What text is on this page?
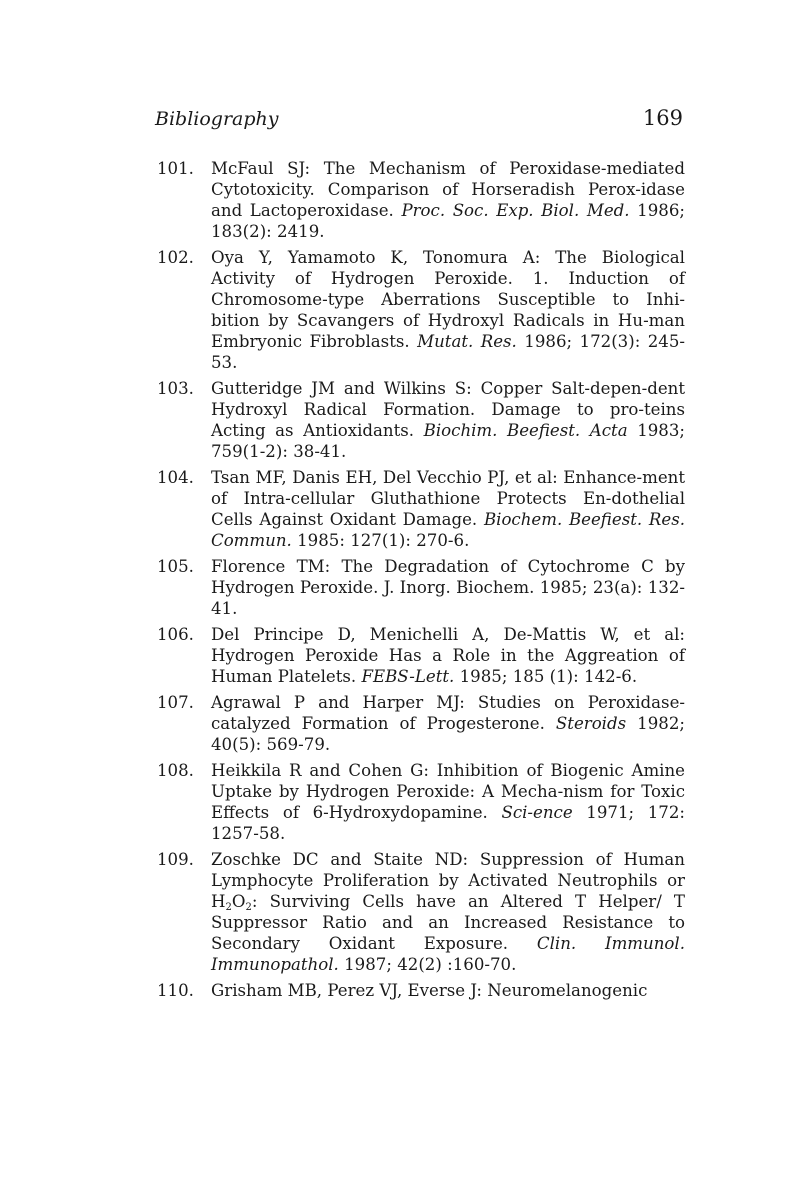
Bibliography	169
101. McFaul SJ: The Mechanism of Peroxidase-mediated Cytotoxicity. Comparison of Horseradish Perox-idase and Lactoperoxidase. Proc. Soc. Exp. Biol. Med. 1986; 183(2): 2419.
102. Oya Y, Yamamoto K, Tonomura A: The Biological Activity of Hydrogen Peroxide. 1. Induction of Chromosome-type Aberrations Susceptible to Inhi-bition by Scavangers of Hydroxyl Radicals in Hu-man Embryonic Fibroblasts. Mutat. Res. 1986; 172(3): 245-53.
103. Gutteridge JM and Wilkins S: Copper Salt-depen-dent Hydroxyl Radical Formation. Damage to pro-teins Acting as Antioxidants. Biochim. Beefiest. Acta 1983; 759(1-2): 38-41.
104. Tsan MF, Danis EH, Del Vecchio PJ, et al: Enhance-ment of Intra-cellular Gluthathione Protects En-dothelial Cells Against Oxidant Damage. Biochem. Beefiest. Res. Commun. 1985: 127(1): 270-6.
105. Florence TM: The Degradation of Cytochrome C by Hydrogen Peroxide. J. Inorg. Biochem. 1985; 23(a): 132-41.
106. Del Principe D, Menichelli A, De-Mattis W, et al: Hydrogen Peroxide Has a Role in the Aggreation of Human Platelets. FEBS-Lett. 1985; 185 (1): 142-6.
107. Agrawal P and Harper MJ: Studies on Peroxidase-catalyzed Formation of Progesterone. Steroids 1982; 40(5): 569-79.
108. Heikkila R and Cohen G: Inhibition of Biogenic Amine Uptake by Hydrogen Peroxide: A Mecha-nism for Toxic Effects of 6-Hydroxydopamine. Sci-ence 1971; 172: 1257-58.
109. Zoschke DC and Staite ND: Suppression of Human Lymphocyte Proliferation by Activated Neutrophils or $H_2O_2$: Surviving Cells have an Altered T Helper/ T Suppressor Ratio and an Increased Resistance to Secondary Oxidant Exposure. Clin. Immunol. Immunopathol. 1987; 42(2) :160-70.
110. Grisham MB, Perez VJ, Everse J: Neuromelanogenic
